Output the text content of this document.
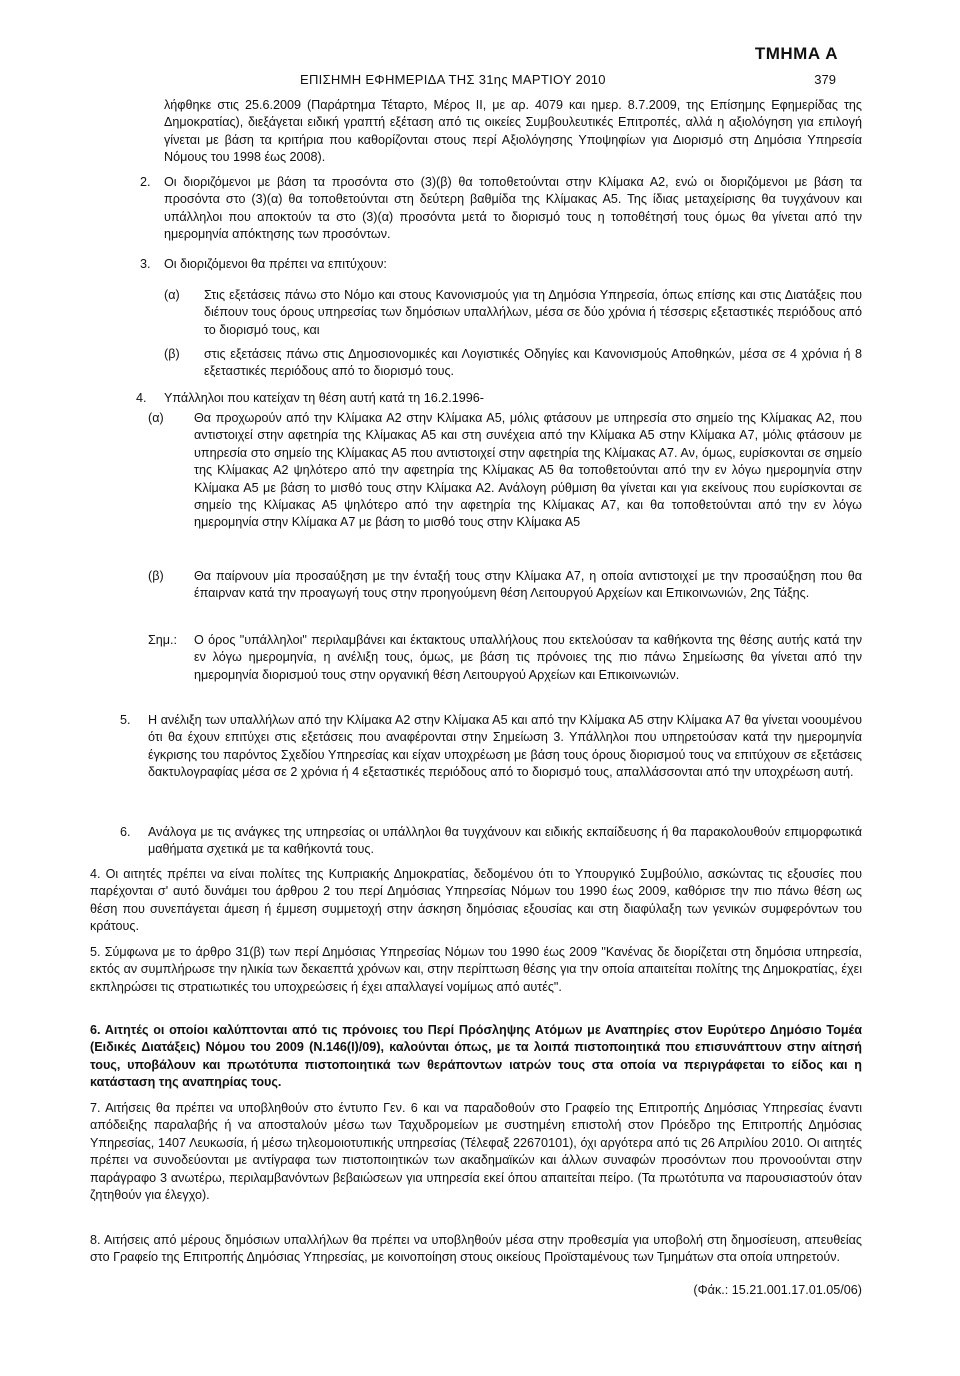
ΤΜΗΜΑ Α
ΕΠΙΣΗΜΗ ΕΦΗΜΕΡΙΔΑ ΤΗΣ 31ης ΜΑΡΤΙΟΥ 2010	379
λήφθηκε στις 25.6.2009 (Παράρτημα Τέταρτο, Μέρος ΙΙ, με αρ. 4079 και ημερ. 8.7.2009, της Επίσημης Εφημερίδας της Δημοκρατίας), διεξάγεται ειδική γραπτή εξέταση από τις οικείες Συμβουλευτικές Επιτροπές, αλλά η αξιολόγηση για επιλογή γίνεται με βάση τα κριτήρια που καθορίζονται στους περί Αξιολόγησης Υποψηφίων για Διορισμό στη Δημόσια Υπηρεσία Νόμους του 1998 έως 2008).
2. Οι διοριζόμενοι με βάση τα προσόντα στο (3)(β) θα τοποθετούνται στην Κλίμακα Α2, ενώ οι διοριζόμενοι με βάση τα προσόντα στο (3)(α) θα τοποθετούνται στη δεύτερη βαθμίδα της Κλίμακας Α5. Της ίδιας μεταχείρισης θα τυγχάνουν και υπάλληλοι που αποκτούν τα στο (3)(α) προσόντα μετά το διορισμό τους η τοποθέτησή τους όμως θα γίνεται από την ημερομηνία απόκτησης των προσόντων.
3. Οι διοριζόμενοι θα πρέπει να επιτύχουν:
(α) Στις εξετάσεις πάνω στο Νόμο και στους Κανονισμούς για τη Δημόσια Υπηρεσία, όπως επίσης και στις Διατάξεις που διέπουν τους όρους υπηρεσίας των δημόσιων υπαλλήλων, μέσα σε δύο χρόνια ή τέσσερις εξεταστικές περιόδους από το διορισμό τους, και
(β) στις εξετάσεις πάνω στις Δημοσιονομικές και Λογιστικές Οδηγίες και Κανονισμούς Αποθηκών, μέσα σε 4 χρόνια ή 8 εξεταστικές περιόδους από το διορισμό τους.
4. Υπάλληλοι που κατείχαν τη θέση αυτή κατά τη 16.2.1996-
(α) Θα προχωρούν από την Κλίμακα Α2 στην Κλίμακα Α5, μόλις φτάσουν με υπηρεσία στο σημείο της Κλίμακας Α2, που αντιστοιχεί στην αφετηρία της Κλίμακας Α5 και στη συνέχεια από την Κλίμακα Α5 στην Κλίμακα Α7, μόλις φτάσουν με υπηρεσία στο σημείο της Κλίμακας Α5 που αντιστοιχεί στην αφετηρία της Κλίμακας Α7. Αν, όμως, ευρίσκονται σε σημείο της Κλίμακας Α2 ψηλότερο από την αφετηρία της Κλίμακας Α5 θα τοποθετούνται από την εν λόγω ημερομηνία στην Κλίμακα Α5 με βάση το μισθό τους στην Κλίμακα Α2. Ανάλογη ρύθμιση θα γίνεται και για εκείνους που ευρίσκονται σε σημείο της Κλίμακας Α5 ψηλότερο από την αφετηρία της Κλίμακας Α7, και θα τοποθετούνται από την εν λόγω ημερομηνία στην Κλίμακα Α7 με βάση το μισθό τους στην Κλίμακα Α5
(β) Θα παίρνουν μία προσαύξηση με την ένταξή τους στην Κλίμακα Α7, η οποία αντιστοιχεί με την προσαύξηση που θα έπαιρναν κατά την προαγωγή τους στην προηγούμενη θέση Λειτουργού Αρχείων και Επικοινωνιών, 2ης Τάξης.
Σημ.: Ο όρος "υπάλληλοι" περιλαμβάνει και έκτακτους υπαλλήλους που εκτελούσαν τα καθήκοντα της θέσης αυτής κατά την εν λόγω ημερομηνία, η ανέλιξη τους, όμως, με βάση τις πρόνοιες της πιο πάνω Σημείωσης θα γίνεται από την ημερομηνία διορισμού τους στην οργανική θέση Λειτουργού Αρχείων και Επικοινωνιών.
5. Η ανέλιξη των υπαλλήλων από την Κλίμακα Α2 στην Κλίμακα Α5 και από την Κλίμακα Α5 στην Κλίμακα Α7 θα γίνεται νοουμένου ότι θα έχουν επιτύχει στις εξετάσεις που αναφέρονται στην Σημείωση 3. Υπάλληλοι που υπηρετούσαν κατά την ημερομηνία έγκρισης του παρόντος Σχεδίου Υπηρεσίας και είχαν υποχρέωση με βάση τους όρους διορισμού τους να επιτύχουν σε εξετάσεις δακτυλογραφίας μέσα σε 2 χρόνια ή 4 εξεταστικές περιόδους από το διορισμό τους, απαλλάσσονται από την υποχρέωση αυτή.
6. Ανάλογα με τις ανάγκες της υπηρεσίας οι υπάλληλοι θα τυγχάνουν και ειδικής εκπαίδευσης ή θα παρακολουθούν επιμορφωτικά μαθήματα σχετικά με τα καθήκοντά τους.
4. Οι αιτητές πρέπει να είναι πολίτες της Κυπριακής Δημοκρατίας, δεδομένου ότι το Υπουργικό Συμβούλιο, ασκώντας τις εξουσίες που παρέχονται σ' αυτό δυνάμει του άρθρου 2 του περί Δημόσιας Υπηρεσίας Νόμων του 1990 έως 2009, καθόρισε την πιο πάνω θέση ως θέση που συνεπάγεται άμεση ή έμμεση συμμετοχή στην άσκηση δημόσιας εξουσίας και στη διαφύλαξη των γενικών συμφερόντων του κράτους.
5. Σύμφωνα με το άρθρο 31(β) των περί Δημόσιας Υπηρεσίας Νόμων του 1990 έως 2009 "Κανένας δε διορίζεται στη δημόσια υπηρεσία, εκτός αν συμπλήρωσε την ηλικία των δεκαεπτά χρόνων και, στην περίπτωση θέσης για την οποία απαιτείται πολίτης της Δημοκρατίας, έχει εκπληρώσει τις στρατιωτικές του υποχρεώσεις ή έχει απαλλαγεί νομίμως από αυτές".
6. Αιτητές οι οποίοι καλύπτονται από τις πρόνοιες του Περί Πρόσληψης Ατόμων με Αναπηρίες στον Ευρύτερο Δημόσιο Τομέα (Ειδικές Διατάξεις) Νόμου του 2009 (Ν.146(Ι)/09), καλούνται όπως, με τα λοιπά πιστοποιητικά που επισυνάπτουν στην αίτησή τους, υποβάλουν και πρωτότυπα πιστοποιητικά των θεράποντων ιατρών τους στα οποία να περιγράφεται το είδος και η κατάσταση της αναπηρίας τους.
7. Αιτήσεις θα πρέπει να υποβληθούν στο έντυπο Γεν. 6 και να παραδοθούν στο Γραφείο της Επιτροπής Δημόσιας Υπηρεσίας έναντι απόδειξης παραλαβής ή να αποσταλούν μέσω των Ταχυδρομείων με συστημένη επιστολή στον Πρόεδρο της Επιτροπής Δημόσιας Υπηρεσίας, 1407 Λευκωσία, ή μέσω τηλεομοιοτυπικής υπηρεσίας (Τέλεφαξ 22670101), όχι αργότερα από τις 26 Απριλίου 2010. Οι αιτητές πρέπει να συνοδεύονται με αντίγραφα των πιστοποιητικών των ακαδημαϊκών και άλλων συναφών προσόντων που προνοούνται στην παράγραφο 3 ανωτέρω, περιλαμβανόντων βεβαιώσεων για υπηρεσία εκεί όπου απαιτείται πείρο. (Τα πρωτότυπα να παρουσιαστούν όταν ζητηθούν για έλεγχο).
8. Αιτήσεις από μέρους δημόσιων υπαλλήλων θα πρέπει να υποβληθούν μέσα στην προθεσμία για υποβολή στη δημοσίευση, απευθείας στο Γραφείο της Επιτροπής Δημόσιας Υπηρεσίας, με κοινοποίηση στους οικείους Προϊσταμένους των Τμημάτων στα οποία υπηρετούν.
(Φάκ.: 15.21.001.17.01.05/06)
